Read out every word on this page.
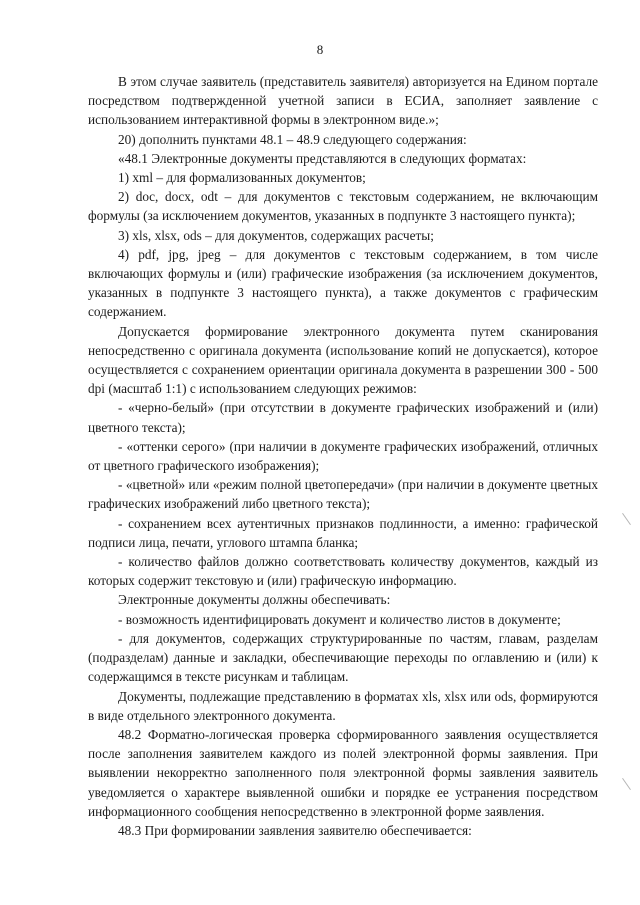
8

В этом случае заявитель (представитель заявителя) авторизуется на Едином портале посредством подтвержденной учетной записи в ЕСИА, заполняет заявление с использованием интерактивной формы в электронном виде.»;

20) дополнить пунктами 48.1 – 48.9 следующего содержания:

«48.1 Электронные документы представляются в следующих форматах:

1) xml – для формализованных документов;

2) doc, docx, odt – для документов с текстовым содержанием, не включающим формулы (за исключением документов, указанных в подпункте 3 настоящего пункта);

3) xls, xlsx, ods – для документов, содержащих расчеты;

4) pdf, jpg, jpeg – для документов с текстовым содержанием, в том числе включающих формулы и (или) графические изображения (за исключением документов, указанных в подпункте 3 настоящего пункта), а также документов с графическим содержанием.

Допускается формирование электронного документа путем сканирования непосредственно с оригинала документа (использование копий не допускается), которое осуществляется с сохранением ориентации оригинала документа в разрешении 300 - 500 dpi (масштаб 1:1) с использованием следующих режимов:

- «черно-белый» (при отсутствии в документе графических изображений и (или) цветного текста);

- «оттенки серого» (при наличии в документе графических изображений, отличных от цветного графического изображения);

- «цветной» или «режим полной цветопередачи» (при наличии в документе цветных графических изображений либо цветного текста);

- сохранением всех аутентичных признаков подлинности, а именно: графической подписи лица, печати, углового штампа бланка;

- количество файлов должно соответствовать количеству документов, каждый из которых содержит текстовую и (или) графическую информацию.

Электронные документы должны обеспечивать:

- возможность идентифицировать документ и количество листов в документе;

- для документов, содержащих структурированные по частям, главам, разделам (подразделам) данные и закладки, обеспечивающие переходы по оглавлению и (или) к содержащимся в тексте рисункам и таблицам.

Документы, подлежащие представлению в форматах xls, xlsx или ods, формируются в виде отдельного электронного документа.

48.2 Форматно-логическая проверка сформированного заявления осуществляется после заполнения заявителем каждого из полей электронной формы заявления. При выявлении некорректно заполненного поля электронной формы заявления заявитель уведомляется о характере выявленной ошибки и порядке ее устранения посредством информационного сообщения непосредственно в электронной форме заявления.

48.3 При формировании заявления заявителю обеспечивается:
